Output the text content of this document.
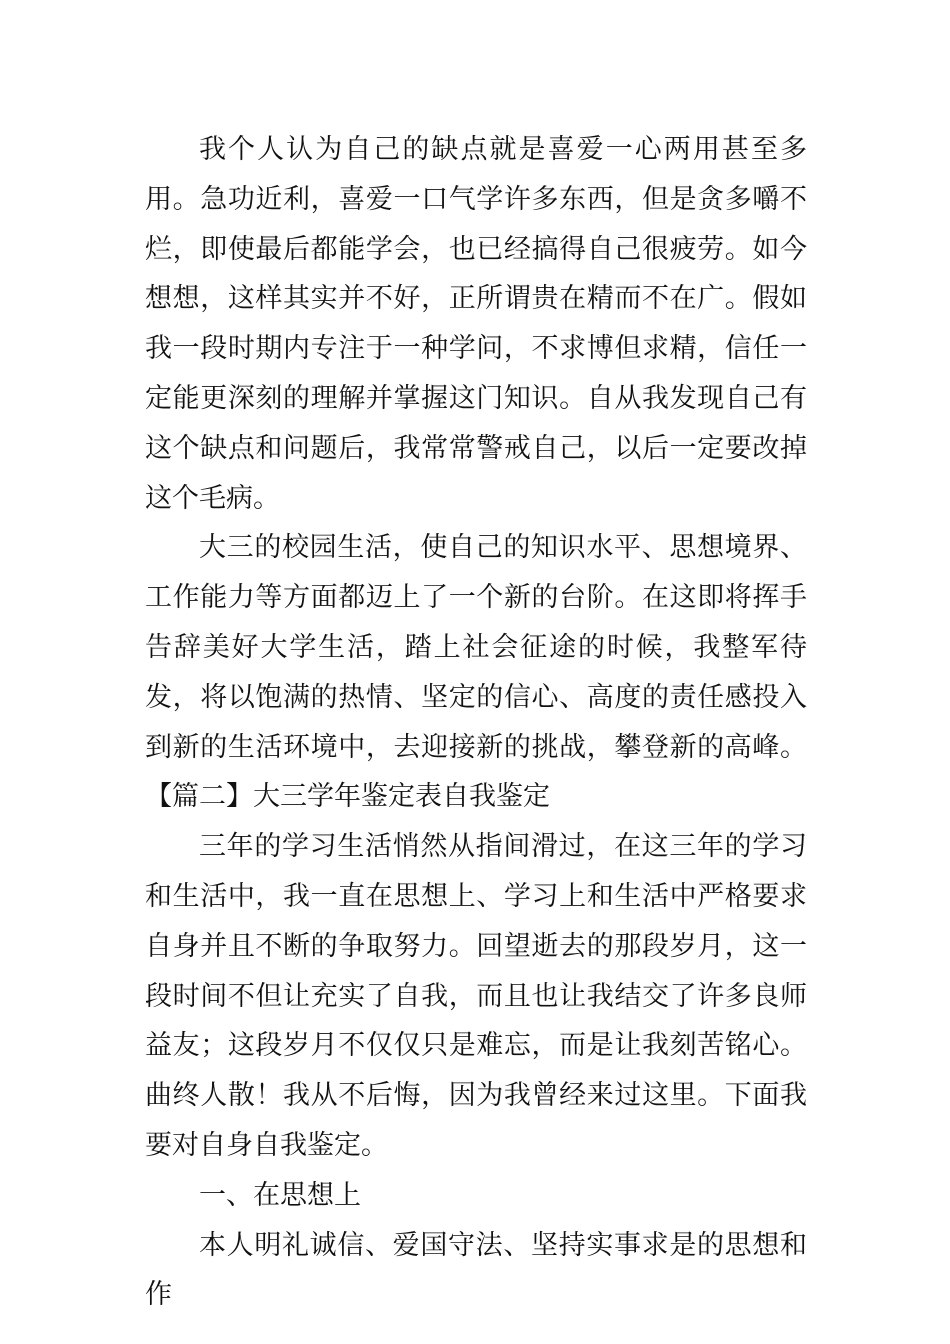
我个人认为自己的缺点就是喜爱一心两用甚至多用。急功近利，喜爱一口气学许多东西，但是贪多嚼不烂，即使最后都能学会，也已经搞得自己很疲劳。如今想想，这样其实并不好，正所谓贵在精而不在广。假如我一段时期内专注于一种学问，不求博但求精，信任一定能更深刻的理解并掌握这门知识。自从我发现自己有这个缺点和问题后，我常常警戒自己，以后一定要改掉这个毛病。

大三的校园生活，使自己的知识水平、思想境界、工作能力等方面都迈上了一个新的台阶。在这即将挥手告辞美好大学生活，踏上社会征途的时候，我整军待发，将以饱满的热情、坚定的信心、高度的责任感投入到新的生活环境中，去迎接新的挑战，攀登新的高峰。【篇二】大三学年鉴定表自我鉴定

三年的学习生活悄然从指间滑过，在这三年的学习和生活中，我一直在思想上、学习上和生活中严格要求自身并且不断的争取努力。回望逝去的那段岁月，这一段时间不但让充实了自我，而且也让我结交了许多良师益友；这段岁月不仅仅只是难忘，而是让我刻苦铭心。曲终人散！我从不后悔，因为我曾经来过这里。下面我要对自身自我鉴定。

一、在思想上

本人明礼诚信、爱国守法、坚持实事求是的思想和作
